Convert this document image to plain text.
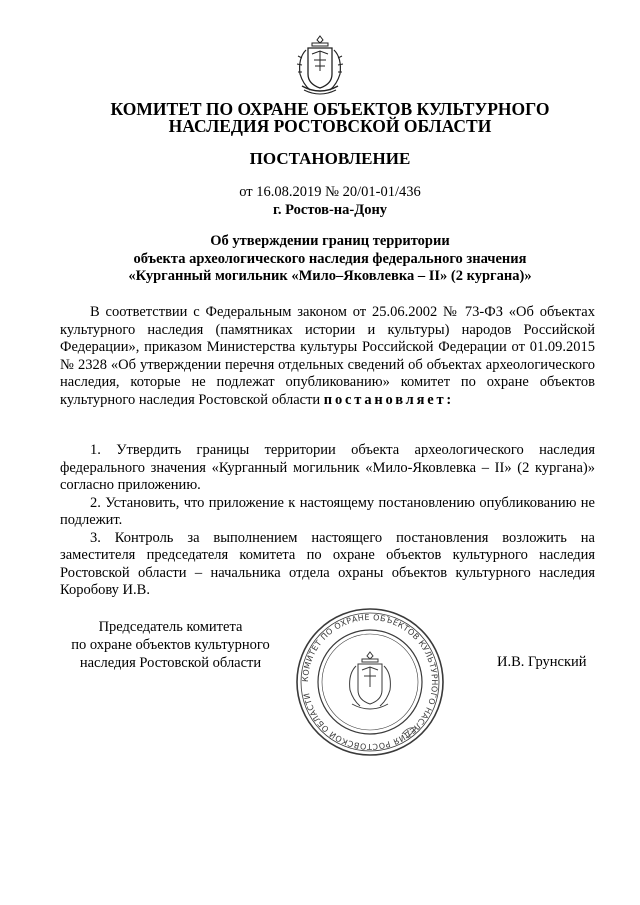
КОМИТЕТ ПО ОХРАНЕ ОБЪЕКТОВ КУЛЬТУРНОГО
НАСЛЕДИЯ РОСТОВСКОЙ ОБЛАСТИ
ПОСТАНОВЛЕНИЕ
от 16.08.2019 № 20/01-01/436
г. Ростов-на-Дону
Об утверждении границ территории
объекта археологического наследия федерального значения
«Курганный могильник «Мило–Яковлевка – II» (2 кургана)»
В соответствии с Федеральным законом от 25.06.2002 № 73-ФЗ «Об объектах культурного наследия (памятниках истории и культуры) народов Российской Федерации», приказом Министерства культуры Российской Федерации от 01.09.2015 № 2328 «Об утверждении перечня отдельных сведений об объектах археологического наследия, которые не подлежат опубликованию» комитет по охране объектов культурного наследия Ростовской области постановляет:

1. Утвердить границы территории объекта археологического наследия федерального значения «Курганный могильник «Мило-Яковлевка – II» (2 кургана)» согласно приложению.

2. Установить, что приложение к настоящему постановлению опубликованию не подлежит.

3. Контроль за выполнением настоящего постановления возложить на заместителя председателя комитета по охране объектов культурного наследия Ростовской области – начальника отдела охраны объектов культурного наследия Коробову И.В.

Председатель комитета
по охране объектов культурного
наследия Ростовской области
КОМИТЕТ ПО ОХРАНЕ ОБЪЕКТОВ КУЛЬТУРНОГО НАСЛЕДИЯ РОСТОВСКОЙ ОБЛАСТИ
И.В. Грунский
